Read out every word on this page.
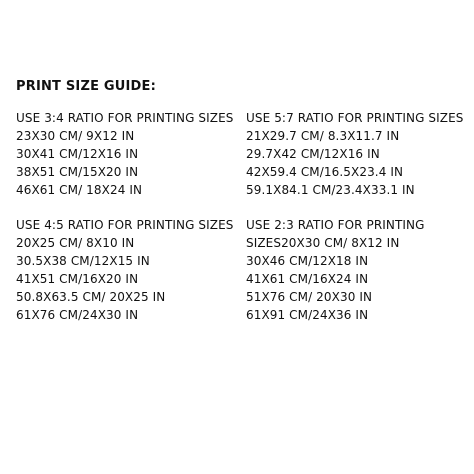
PRINT SIZE GUIDE:
USE 3:4 RATIO FOR PRINTING SIZES
23X30 CM/ 9X12 IN
30X41 CM/12X16 IN
38X51 CM/15X20 IN
46X61 CM/ 18X24 IN
USE 5:7 RATIO FOR PRINTING SIZES
21X29.7 CM/ 8.3X11.7 IN
29.7X42 CM/12X16 IN
42X59.4 CM/16.5X23.4 IN
59.1X84.1 CM/23.4X33.1 IN
USE 4:5 RATIO FOR PRINTING SIZES
20X25 CM/ 8X10 IN
30.5X38 CM/12X15 IN
41X51 CM/16X20 IN
50.8X63.5 CM/ 20X25 IN
61X76 CM/24X30 IN
USE 2:3 RATIO FOR PRINTING
SIZES20X30 CM/ 8X12 IN
30X46 CM/12X18 IN
41X61 CM/16X24 IN
51X76 CM/ 20X30 IN
61X91 CM/24X36 IN
